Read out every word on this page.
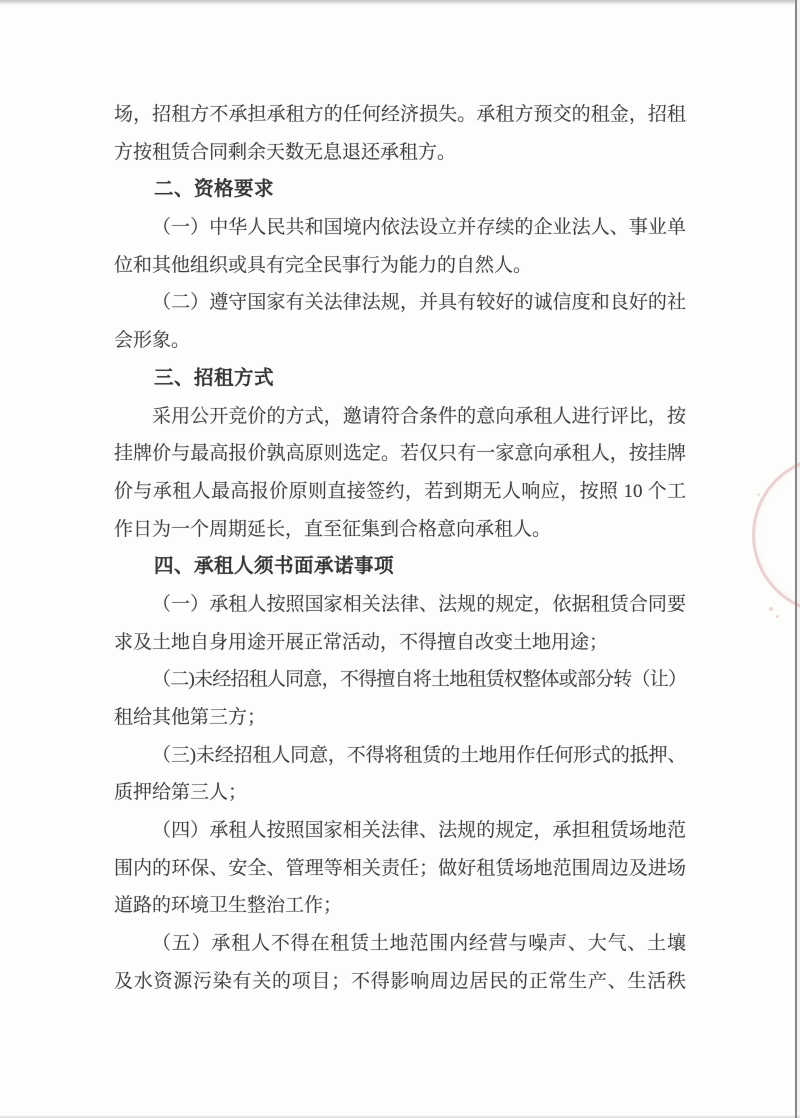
场，招租方不承担承租方的任何经济损失。承租方预交的租金，招租
方按租赁合同剩余天数无息退还承租方。
二、资格要求
（一）中华人民共和国境内依法设立并存续的企业法人、事业单
位和其他组织或具有完全民事行为能力的自然人。
（二）遵守国家有关法律法规，并具有较好的诚信度和良好的社
会形象。
三、招租方式
采用公开竞价的方式，邀请符合条件的意向承租人进行评比，按
挂牌价与最高报价孰高原则选定。若仅只有一家意向承租人，按挂牌
价与承租人最高报价原则直接签约，若到期无人响应，按照 10 个工
作日为一个周期延长，直至征集到合格意向承租人。
四、承租人须书面承诺事项
（一）承租人按照国家相关法律、法规的规定，依据租赁合同要
求及土地自身用途开展正常活动，不得擅自改变土地用途；
（二)未经招租人同意，不得擅自将土地租赁权整体或部分转（让）
租给其他第三方；
（三)未经招租人同意，不得将租赁的土地用作任何形式的抵押、
质押给第三人；
（四）承租人按照国家相关法律、法规的规定，承担租赁场地范
围内的环保、安全、管理等相关责任；做好租赁场地范围周边及进场
道路的环境卫生整治工作；
（五）承租人不得在租赁土地范围内经营与噪声、大气、土壤
及水资源污染有关的项目；不得影响周边居民的正常生产、生活秩
